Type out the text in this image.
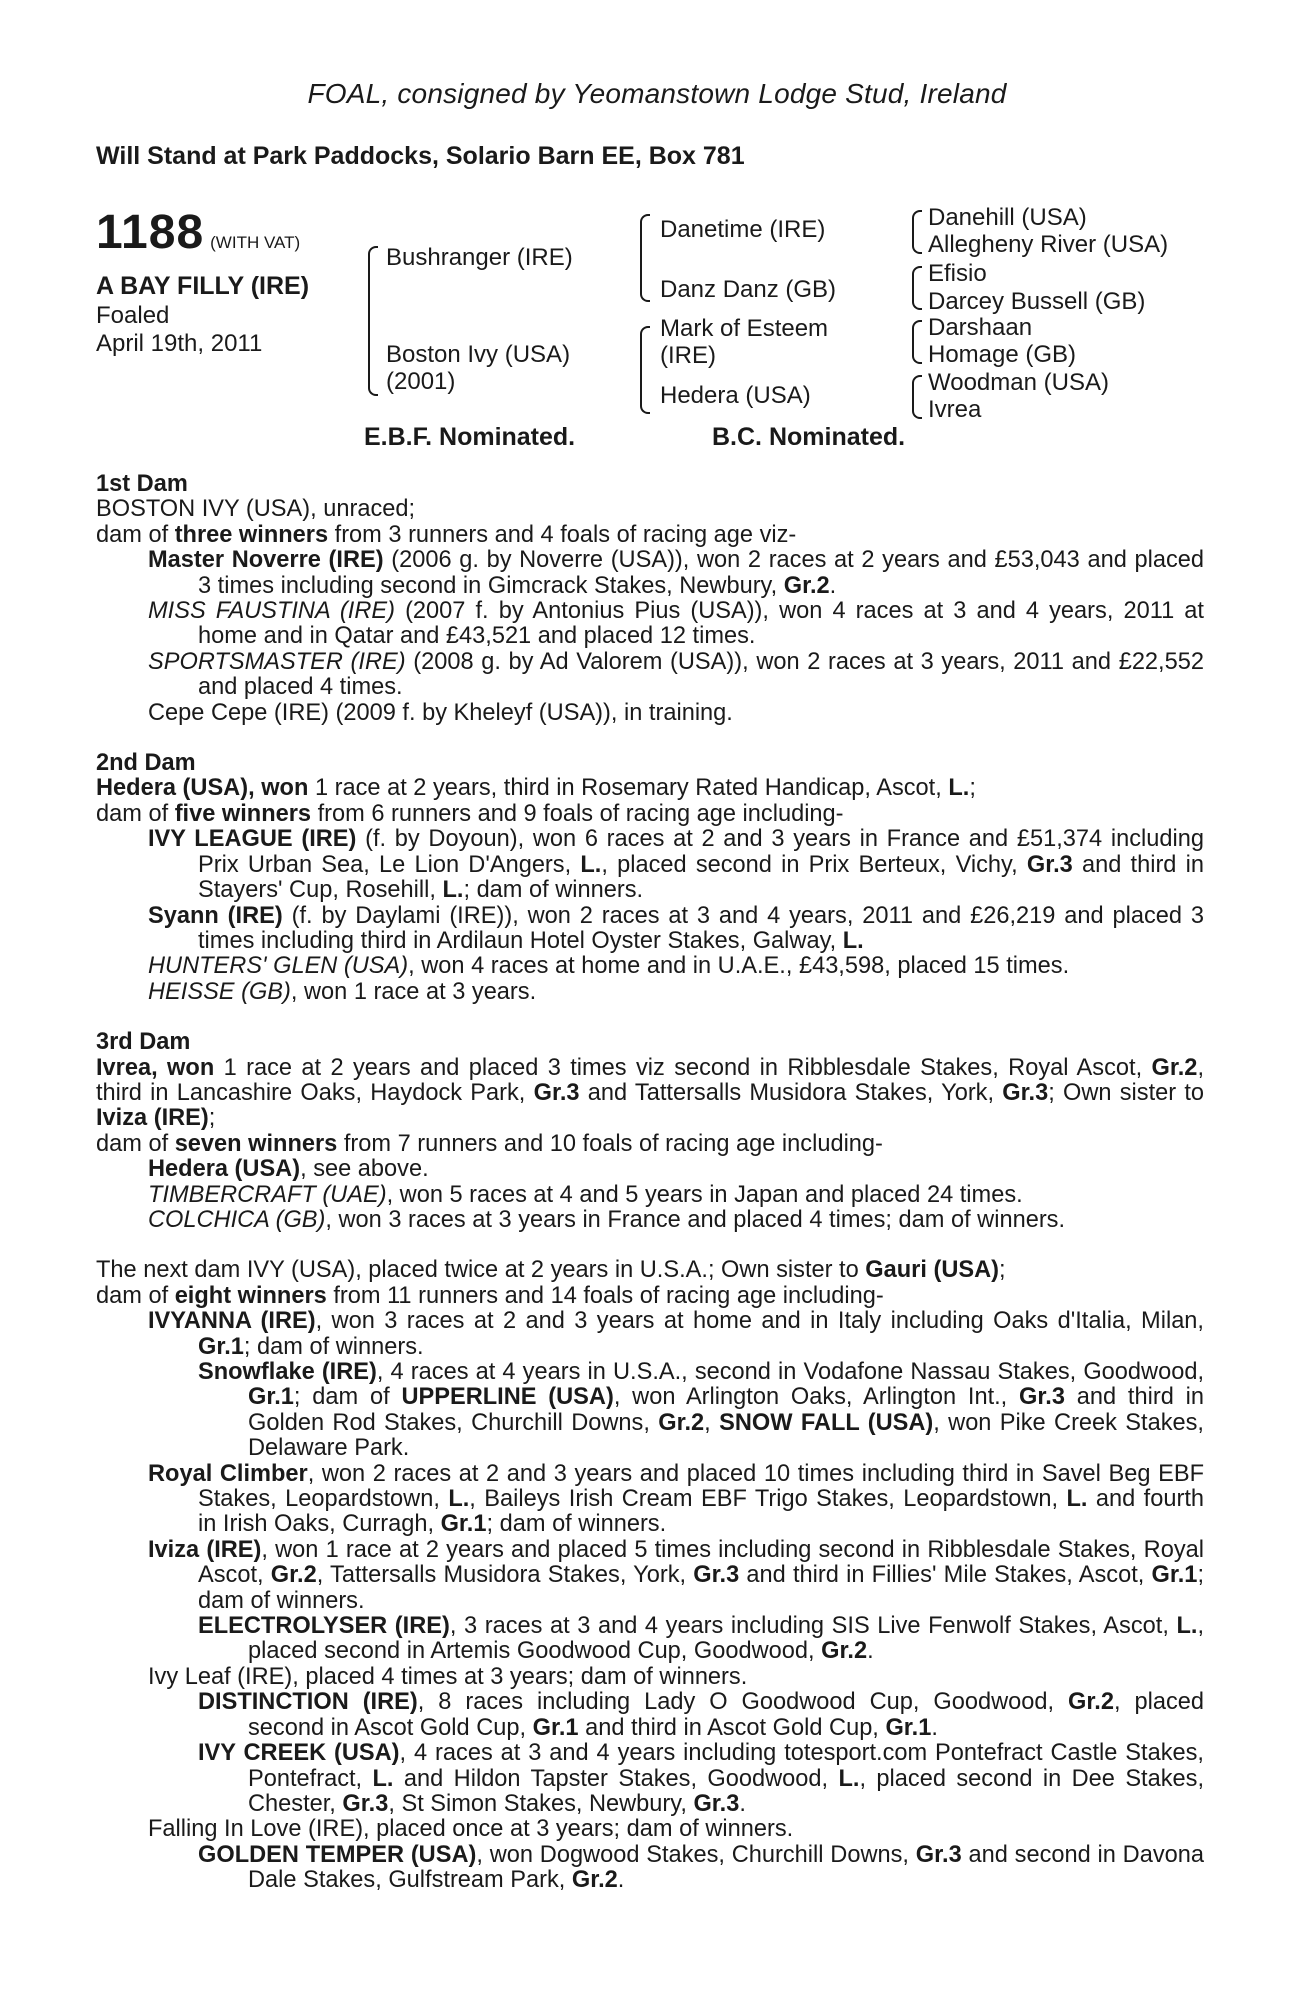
FOAL, consigned by Yeomanstown Lodge Stud, Ireland
Will Stand at Park Paddocks, Solario Barn EE, Box 781
1188 (WITH VAT)
A BAY FILLY (IRE)
Foaled
April 19th, 2011
Bushranger (IRE)
Boston Ivy (USA)
(2001)
Danetime (IRE)
Danz Danz (GB)
Mark of Esteem
(IRE)
Hedera (USA)
Danehill (USA)
Allegheny River (USA)
Efisio
Darcey Bussell (GB)
Darshaan
Homage (GB)
Woodman (USA)
Ivrea
E.B.F. Nominated.	B.C. Nominated.

1st Dam

BOSTON IVY (USA), unraced;

dam of three winners from 3 runners and 4 foals of racing age viz-

Master Noverre (IRE) (2006 g. by Noverre (USA)), won 2 races at 2 years and £53,043 and placed 3 times including second in Gimcrack Stakes, Newbury, Gr.2.

MISS FAUSTINA (IRE) (2007 f. by Antonius Pius (USA)), won 4 races at 3 and 4 years, 2011 at home and in Qatar and £43,521 and placed 12 times.

SPORTSMASTER (IRE) (2008 g. by Ad Valorem (USA)), won 2 races at 3 years, 2011 and £22,552 and placed 4 times.

Cepe Cepe (IRE) (2009 f. by Kheleyf (USA)), in training.

2nd Dam

Hedera (USA), won 1 race at 2 years, third in Rosemary Rated Handicap, Ascot, L.;

dam of five winners from 6 runners and 9 foals of racing age including-

IVY LEAGUE (IRE) (f. by Doyoun), won 6 races at 2 and 3 years in France and £51,374 including Prix Urban Sea, Le Lion D'Angers, L., placed second in Prix Berteux, Vichy, Gr.3 and third in Stayers' Cup, Rosehill, L.; dam of winners.

Syann (IRE) (f. by Daylami (IRE)), won 2 races at 3 and 4 years, 2011 and £26,219 and placed 3 times including third in Ardilaun Hotel Oyster Stakes, Galway, L.

HUNTERS' GLEN (USA), won 4 races at home and in U.A.E., £43,598, placed 15 times.

HEISSE (GB), won 1 race at 3 years.

3rd Dam

Ivrea, won 1 race at 2 years and placed 3 times viz second in Ribblesdale Stakes, Royal Ascot, Gr.2, third in Lancashire Oaks, Haydock Park, Gr.3 and Tattersalls Musidora Stakes, York, Gr.3; Own sister to Iviza (IRE);

dam of seven winners from 7 runners and 10 foals of racing age including-

Hedera (USA), see above.

TIMBERCRAFT (UAE), won 5 races at 4 and 5 years in Japan and placed 24 times.

COLCHICA (GB), won 3 races at 3 years in France and placed 4 times; dam of winners.

The next dam IVY (USA), placed twice at 2 years in U.S.A.; Own sister to Gauri (USA);

dam of eight winners from 11 runners and 14 foals of racing age including-

IVYANNA (IRE), won 3 races at 2 and 3 years at home and in Italy including Oaks d'Italia, Milan, Gr.1; dam of winners.

Snowflake (IRE), 4 races at 4 years in U.S.A., second in Vodafone Nassau Stakes, Goodwood, Gr.1; dam of UPPERLINE (USA), won Arlington Oaks, Arlington Int., Gr.3 and third in Golden Rod Stakes, Churchill Downs, Gr.2, SNOW FALL (USA), won Pike Creek Stakes, Delaware Park.

Royal Climber, won 2 races at 2 and 3 years and placed 10 times including third in Savel Beg EBF Stakes, Leopardstown, L., Baileys Irish Cream EBF Trigo Stakes, Leopardstown, L. and fourth in Irish Oaks, Curragh, Gr.1; dam of winners.

Iviza (IRE), won 1 race at 2 years and placed 5 times including second in Ribblesdale Stakes, Royal Ascot, Gr.2, Tattersalls Musidora Stakes, York, Gr.3 and third in Fillies' Mile Stakes, Ascot, Gr.1; dam of winners.

ELECTROLYSER (IRE), 3 races at 3 and 4 years including SIS Live Fenwolf Stakes, Ascot, L., placed second in Artemis Goodwood Cup, Goodwood, Gr.2.

Ivy Leaf (IRE), placed 4 times at 3 years; dam of winners.

DISTINCTION (IRE), 8 races including Lady O Goodwood Cup, Goodwood, Gr.2, placed second in Ascot Gold Cup, Gr.1 and third in Ascot Gold Cup, Gr.1.

IVY CREEK (USA), 4 races at 3 and 4 years including totesport.com Pontefract Castle Stakes, Pontefract, L. and Hildon Tapster Stakes, Goodwood, L., placed second in Dee Stakes, Chester, Gr.3, St Simon Stakes, Newbury, Gr.3.

Falling In Love (IRE), placed once at 3 years; dam of winners.

GOLDEN TEMPER (USA), won Dogwood Stakes, Churchill Downs, Gr.3 and second in Davona Dale Stakes, Gulfstream Park, Gr.2.
